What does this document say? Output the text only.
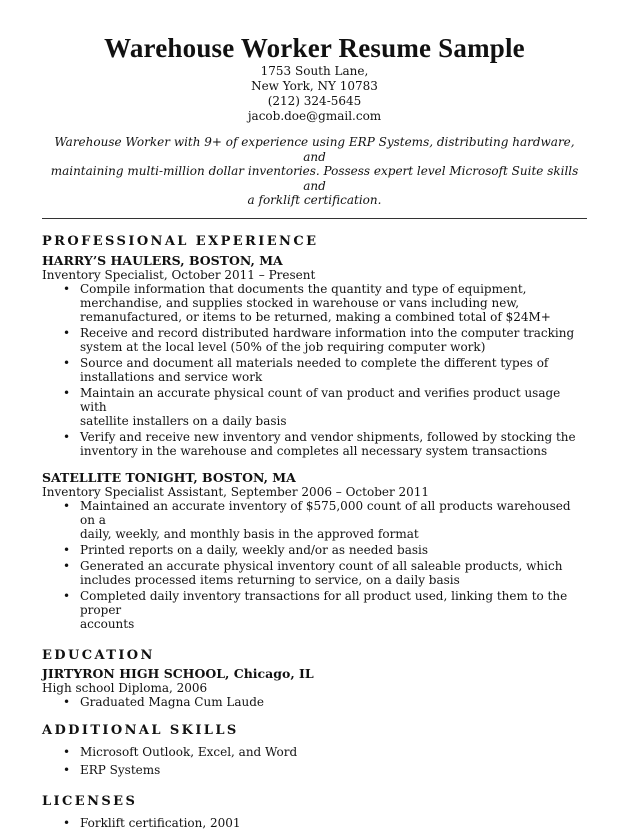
Warehouse Worker Resume Sample
1753 South Lane,
New York, NY 10783
(212) 324-5645
jacob.doe@gmail.com
Warehouse Worker with 9+ of experience using ERP Systems, distributing hardware, and
maintaining multi-million dollar inventories. Possess expert level Microsoft Suite skills and
a forklift certification.
PROFESSIONAL EXPERIENCE
HARRY’S HAULERS, BOSTON, MA
Inventory Specialist, October 2011 – Present
• Compile information that documents the quantity and type of equipment,
merchandise, and supplies stocked in warehouse or vans including new,
remanufactured, or items to be returned, making a combined total of $24M+
• Receive and record distributed hardware information into the computer tracking
system at the local level (50% of the job requiring computer work)
• Source and document all materials needed to complete the different types of
installations and service work
• Maintain an accurate physical count of van product and verifies product usage with
satellite installers on a daily basis
• Verify and receive new inventory and vendor shipments, followed by stocking the
inventory in the warehouse and completes all necessary system transactions
SATELLITE TONIGHT, BOSTON, MA
Inventory Specialist Assistant, September 2006 – October 2011
• Maintained an accurate inventory of $575,000 count of all products warehoused on a
daily, weekly, and monthly basis in the approved format
• Printed reports on a daily, weekly and/or as needed basis
• Generated an accurate physical inventory count of all saleable products, which
includes processed items returning to service, on a daily basis
• Completed daily inventory transactions for all product used, linking them to the proper
accounts
EDUCATION
JIRTYRON HIGH SCHOOL, Chicago, IL
High school Diploma, 2006
• Graduated Magna Cum Laude
ADDITIONAL SKILLS
• Microsoft Outlook, Excel, and Word
• ERP Systems
LICENSES
• Forklift certification, 2001
